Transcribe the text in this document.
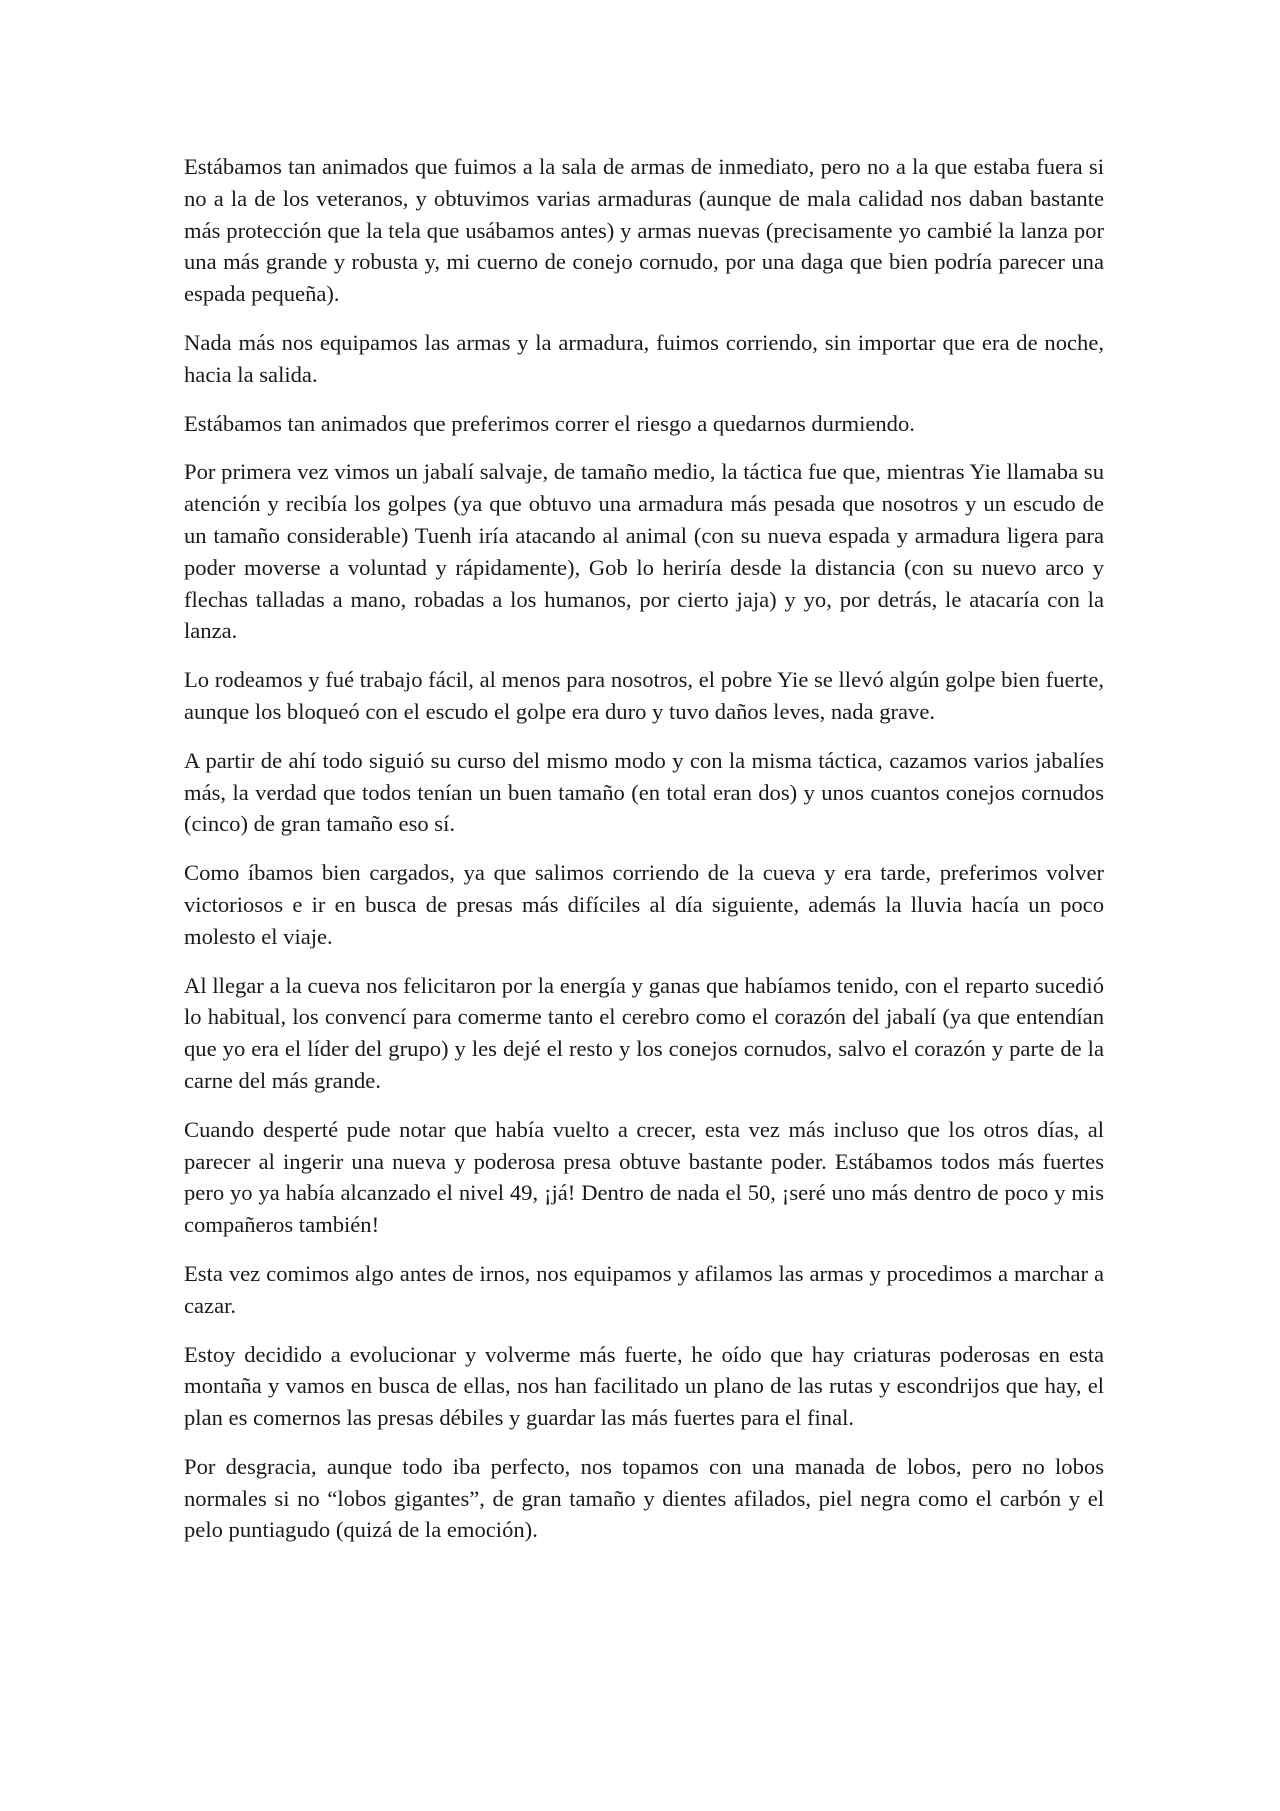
Estábamos tan animados que fuimos a la sala de armas de inmediato, pero no a la que estaba fuera si no a la de los veteranos, y obtuvimos varias armaduras (aunque de mala calidad nos daban bastante más protección que la tela que usábamos antes) y armas nuevas (precisamente yo cambié la lanza por una más grande y robusta y, mi cuerno de conejo cornudo, por una daga que bien podría parecer una espada pequeña).

Nada más nos equipamos las armas y la armadura, fuimos corriendo, sin importar que era de noche, hacia la salida.

Estábamos tan animados que preferimos correr el riesgo a quedarnos durmiendo.

Por primera vez vimos un jabalí salvaje, de tamaño medio, la táctica fue que, mientras Yie llamaba su atención y recibía los golpes (ya que obtuvo una armadura más pesada que nosotros y un escudo de un tamaño considerable) Tuenh iría atacando al animal (con su nueva espada y armadura ligera para poder moverse a voluntad y rápidamente), Gob lo heriría desde la distancia (con su nuevo arco y flechas talladas a mano, robadas a los humanos, por cierto jaja) y yo, por detrás, le atacaría con la lanza.

Lo rodeamos y fué trabajo fácil, al menos para nosotros, el pobre Yie se llevó algún golpe bien fuerte, aunque los bloqueó con el escudo el golpe era duro y tuvo daños leves, nada grave.

A partir de ahí todo siguió su curso del mismo modo y con la misma táctica, cazamos varios jabalíes más, la verdad que todos tenían un buen tamaño (en total eran dos) y unos cuantos conejos cornudos (cinco) de gran tamaño eso sí.

Como íbamos bien cargados, ya que salimos corriendo de la cueva y era tarde, preferimos volver victoriosos e ir en busca de presas más difíciles al día siguiente, además la lluvia hacía un poco molesto el viaje.

Al llegar a la cueva nos felicitaron por la energía y ganas que habíamos tenido, con el reparto sucedió lo habitual, los convencí para comerme tanto el cerebro como el corazón del jabalí (ya que entendían que yo era el líder del grupo) y les dejé el resto y los conejos cornudos, salvo el corazón y parte de la carne del más grande.

Cuando desperté pude notar que había vuelto a crecer, esta vez más incluso que los otros días, al parecer al ingerir una nueva y poderosa presa obtuve bastante poder. Estábamos todos más fuertes pero yo ya había alcanzado el nivel 49, ¡já! Dentro de nada el 50, ¡seré uno más dentro de poco y mis compañeros también!

Esta vez comimos algo antes de irnos, nos equipamos y afilamos las armas y procedimos a marchar a cazar.

Estoy decidido a evolucionar y volverme más fuerte, he oído que hay criaturas poderosas en esta montaña y vamos en busca de ellas, nos han facilitado un plano de las rutas y escondrijos que hay, el plan es comernos las presas débiles y guardar las más fuertes para el final.

Por desgracia, aunque todo iba perfecto, nos topamos con una manada de lobos, pero no lobos normales si no “lobos gigantes”, de gran tamaño y dientes afilados, piel negra como el carbón y el pelo puntiagudo (quizá de la emoción).
